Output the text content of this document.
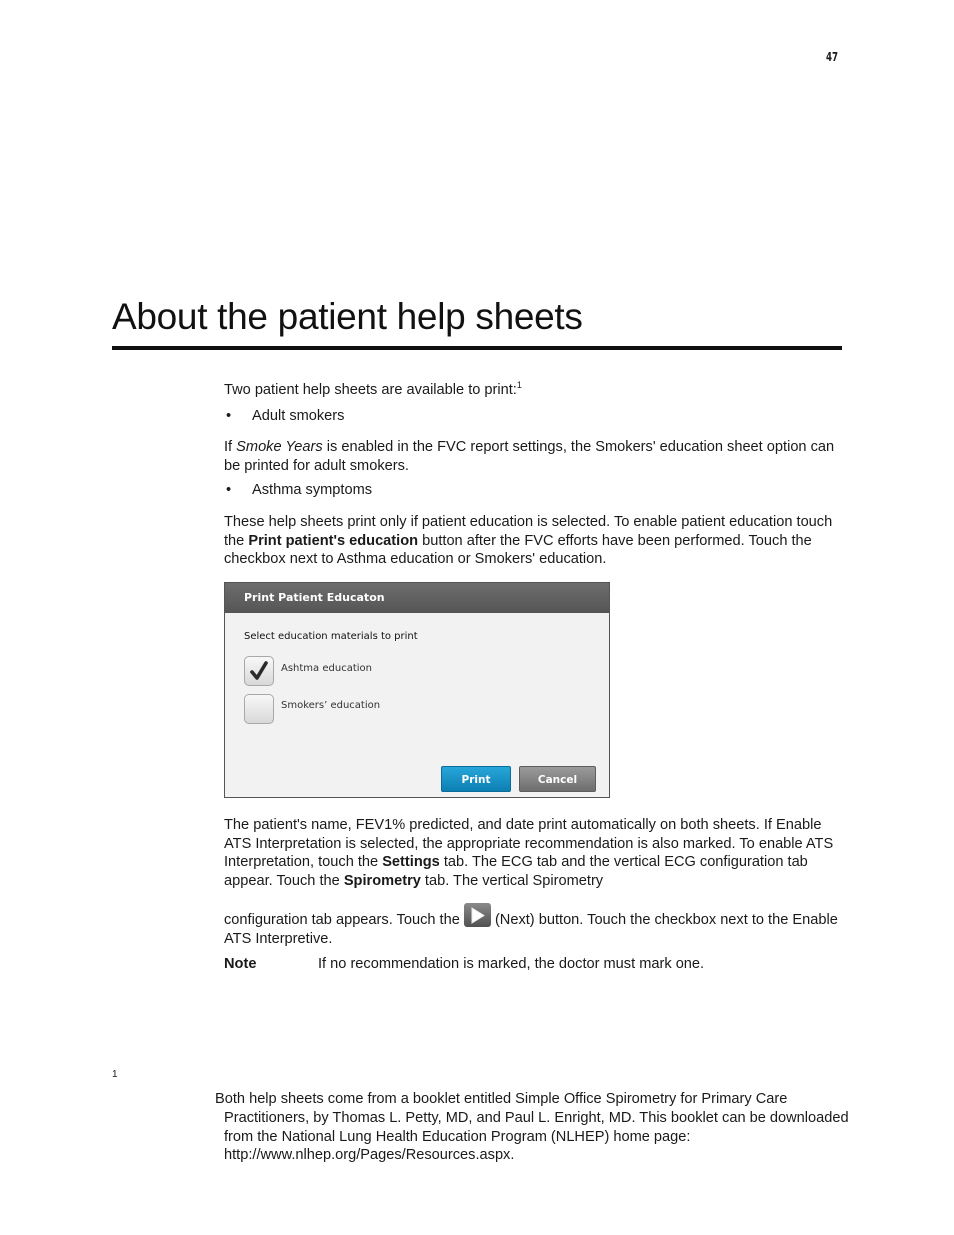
47
About the patient help sheets

Two patient help sheets are available to print:$^1$

• Adult smokers

If Smoke Years is enabled in the FVC report settings, the Smokers' education sheet option can be printed for adult smokers.

• Asthma symptoms

These help sheets print only if patient education is selected. To enable patient education touch the Print patient's education button after the FVC efforts have been performed. Touch the checkbox next to Asthma education or Smokers' education.

Print Patient Educaton
Select education materials to print
Ashtma education
Smokers’ education
Print	Cancel

The patient's name, FEV1% predicted, and date print automatically on both sheets. If Enable ATS Interpretation is selected, the appropriate recommendation is also marked. To enable ATS Interpretation, touch the Settings tab. The ECG tab and the vertical ECG configuration tab appear. Touch the Spirometry tab. The vertical Spirometry

configuration tab appears. Touch the
(Next) button. Touch the checkbox next to the Enable ATS Interpretive.

Note	If no recommendation is marked, the doctor must mark one.
1

Both help sheets come from a booklet entitled Simple Office Spirometry for Primary Care Practitioners, by Thomas L. Petty, MD, and Paul L. Enright, MD. This booklet can be downloaded from the National Lung Health Education Program (NLHEP) home page: http://www.nlhep.org/Pages/Resources.aspx.
